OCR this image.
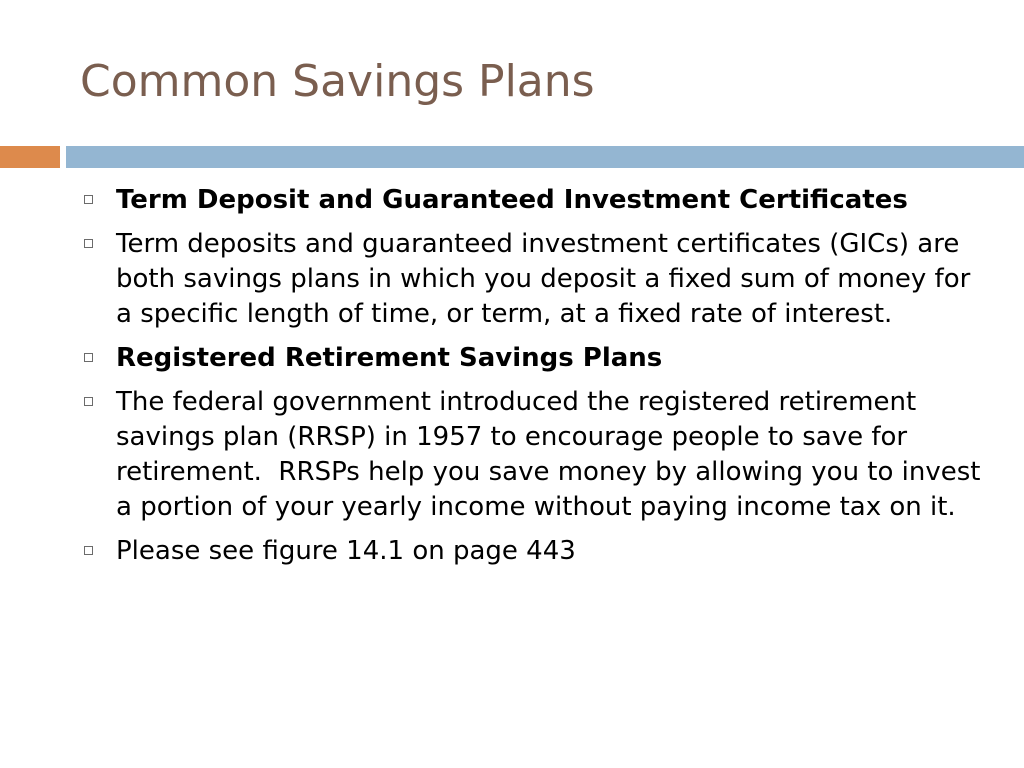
Common Savings Plans
Term Deposit and Guaranteed Investment Certificates
Term deposits and guaranteed investment certificates (GICs) are both savings plans in which you deposit a fixed sum of money for a specific length of time, or term, at a fixed rate of interest.
Registered Retirement Savings Plans
The federal government introduced the registered retirement savings plan (RRSP) in 1957 to encourage people to save for retirement.  RRSPs help you save money by allowing you to invest a portion of your yearly income without paying income tax on it.
Please see figure 14.1 on page 443
